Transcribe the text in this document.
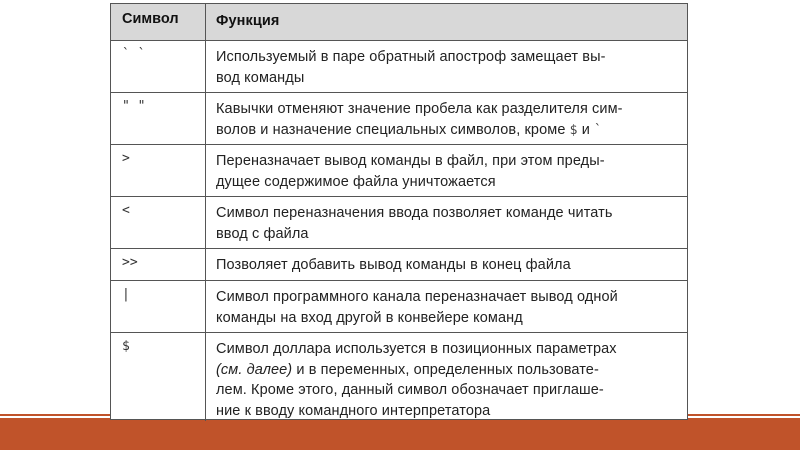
Символ	Функция
` `	Используемый в паре обратный апостроф замещает вы-
вод команды
" "	Кавычки отменяют значение пробела как разделителя сим-
волов и назначение специальных символов, кроме $ и `
>	Переназначает вывод команды в файл, при этом преды-
дущее содержимое файла уничтожается
<	Символ переназначения ввода позволяет команде читать
ввод с файла
>>	Позволяет добавить вывод команды в конец файла
|	Символ программного канала переназначает вывод одной
команды на вход другой в конвейере команд
$	Символ доллара используется в позиционных параметрах
(см. далее) и в переменных, определенных пользовате-
лем. Кроме этого, данный символ обозначает приглаше-
ние к вводу командного интерпретатора
